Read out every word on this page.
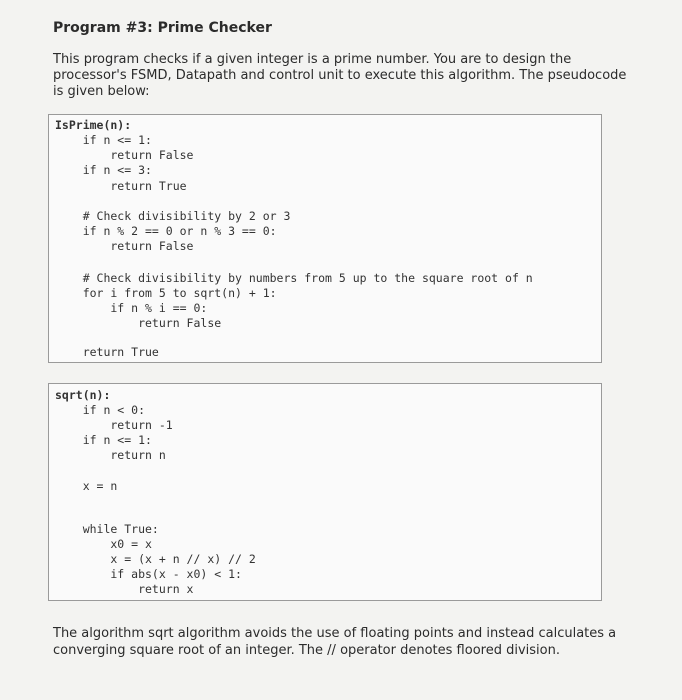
Program #3: Prime Checker
This program checks if a given integer is a prime number. You are to design the processor's FSMD, Datapath and control unit to execute this algorithm. The pseudocode is given below:

IsPrime(n):

if n <= 1:

return False

if n <= 3:

return True

# Check divisibility by 2 or 3

if n % 2 == 0 or n % 3 == 0:

return False

# Check divisibility by numbers from 5 up to the square root of n

for i from 5 to sqrt(n) + 1:

if n % i == 0:

return False

return True

sqrt(n):

if n < 0:

return -1

if n <= 1:

return n

x = n

while True:

x0 = x

x = (x + n // x) // 2

if abs(x - x0) < 1:

return x

The algorithm sqrt algorithm avoids the use of floating points and instead calculates a converging square root of an integer. The // operator denotes floored division.
